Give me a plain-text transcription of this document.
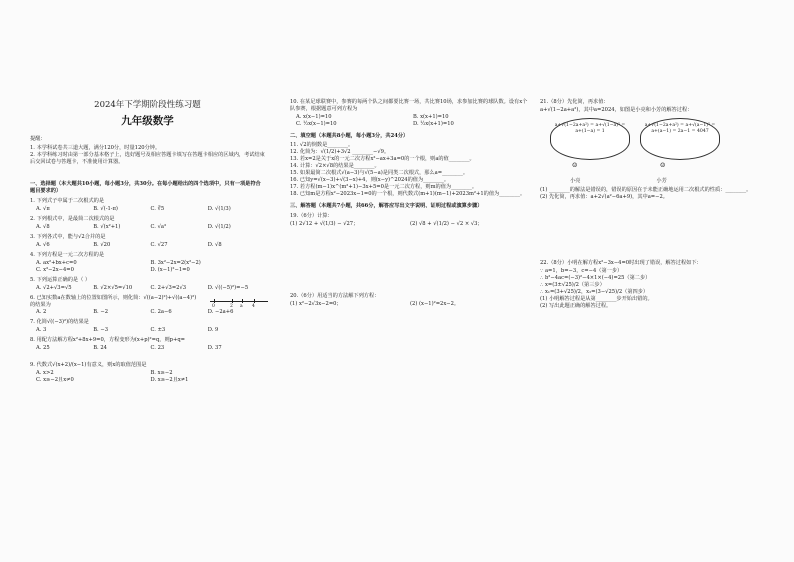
2024年下学期阶段性练习题
九年级数学
提醒：
1. 本学科试卷共三道大题，满分120分，时量120分钟。
2. 本学科练习时由第一部分基本格子上，选好题号及相应答题卡填写在答题卡相应的区域内，考试结束后交回试卷与答题卡，不准使用计算器。
一、选择题（本大题共10小题，每小题3分，共30分。在每小题给出的四个选项中，只有一项是符合题目要求的）
1. 下列式子中属于二次根式的是
A. √π	B. √(-1-π)	C. ∛5	D. √(1/3)
2. 下列根式中，是最简二次根式的是
A. √8	B. √(x²+1)	C. √a³	D. √(1/2)
3. 下列各式中，能与√2合并的是
A. √6	B. √20	C. √27	D. √8
4. 下列方程是一元二次方程的是
A. ax²+bx+c=0	B. 3x²−2x=2(x²−2)
C. x³−2x−4=0	D. (x−1)²−1=0
5. 下列运算正确的是（ ）
A. √2+√3=√5	B. √2×√5=√10	C. 2+√3=2√3	D. √((−5)²)=−5
6. 已知实数a在数轴上的位置如图所示，则化简：√((a−2)²)+√((a−4)²)的结果为	0	2 a 4
A. 2	B. −2	C. 2a−6	D. −2a+6
7. 化简√((−3)²)的结果是
A. 3	B. −3	C. ±3	D. 9
8. 用配方法解方程x²+8x+9=0，方程变形为(x+p)²=q，则p+q=
A. 25	B. 24	C. 23	D. 37
9. 代数式√(x+2)/(x−1)有意义，则x的取值范围是
A. x>2	B. x≥−2
C. x≥−2且x≠0	D. x≥−2且x≠1
10. 在某足球联赛中，参赛的每两个队之间都要比赛一场，共比赛10场，求参加比赛的球队数。设有x个队参赛，根据题意可列方程为
A. x(x−1)=10	B. x(x+1)=10
C. ½x(x−1)=10	D. ½x(x+1)=10
二、填空题（本题共8小题，每小题3分，共24分）
11. √2的倒数是________。
12. 化简为：√(1/2)+3√2 ________−√9。
13. 若x=2是关于x的一元二次方程x²−ax+3a=0的一个根，则a的值________。
14. 计算：√2×√8的结果是________。
15. 如果最简二次根式√(a−3)与√(5−a)是同类二次根式，那么a=________。
16. 已知y=√(x−3)+√(3−x)+4，则(x−y)^2024的值为________。
17. 若方程(m−1)x^(m²+1)−3x+5=0是一元二次方程，则m的值为________。
18. 已知m是方程x²−2023x−1=0的一个根，则代数式(m+1)(m−1)+2023m²+1的值为________。
三、解答题（本题共7小题，共66分，解答应写出文字说明、证明过程或演算步骤）
19.（6分）计算：
(1) 2√12 + √(1/3) − √27；	(2) √8 + √(1/2) − √2 × √3；
20.（6分）用适当的方法解下列方程：
(1) x²−2√3x−2=0；	(2) (x−1)²=2x−2。
21.（8分）先化简，再求值：
a+√(1−2a+a²)，其中a=2024，如图是小亮和小芳的解答过程：
a+√(1−2a+a²) = a+√(1−a)² = a+(1−a) = 1
a+√(1−2a+a²) = a+√(a−1)² = a+(a−1) = 2a−1 = 4047
☺	☺
小亮	小芳
(1) ________的解法是错误的，错误的原因在于未能正确地运用二次根式的性质：________。
(2) 先化简，再求值：a+2√(a²−6a+9)，其中a=−2。
22.（8分）小明在解方程x²−3x−4=0时出现了错误，解答过程如下：
∵ a=1，b=−3，c=−4（第一步）
∴ b²−4ac=(−3)²−4×1×(−4)=25（第二步）
∴ x=(3±√25)/2（第三步）
∴ x₁=(3+√25)/2，x₂=(3−√25)/2（第四步）
(1) 小明解答过程是从第________步开始出错的。
(2) 写出此题正确的解答过程。
